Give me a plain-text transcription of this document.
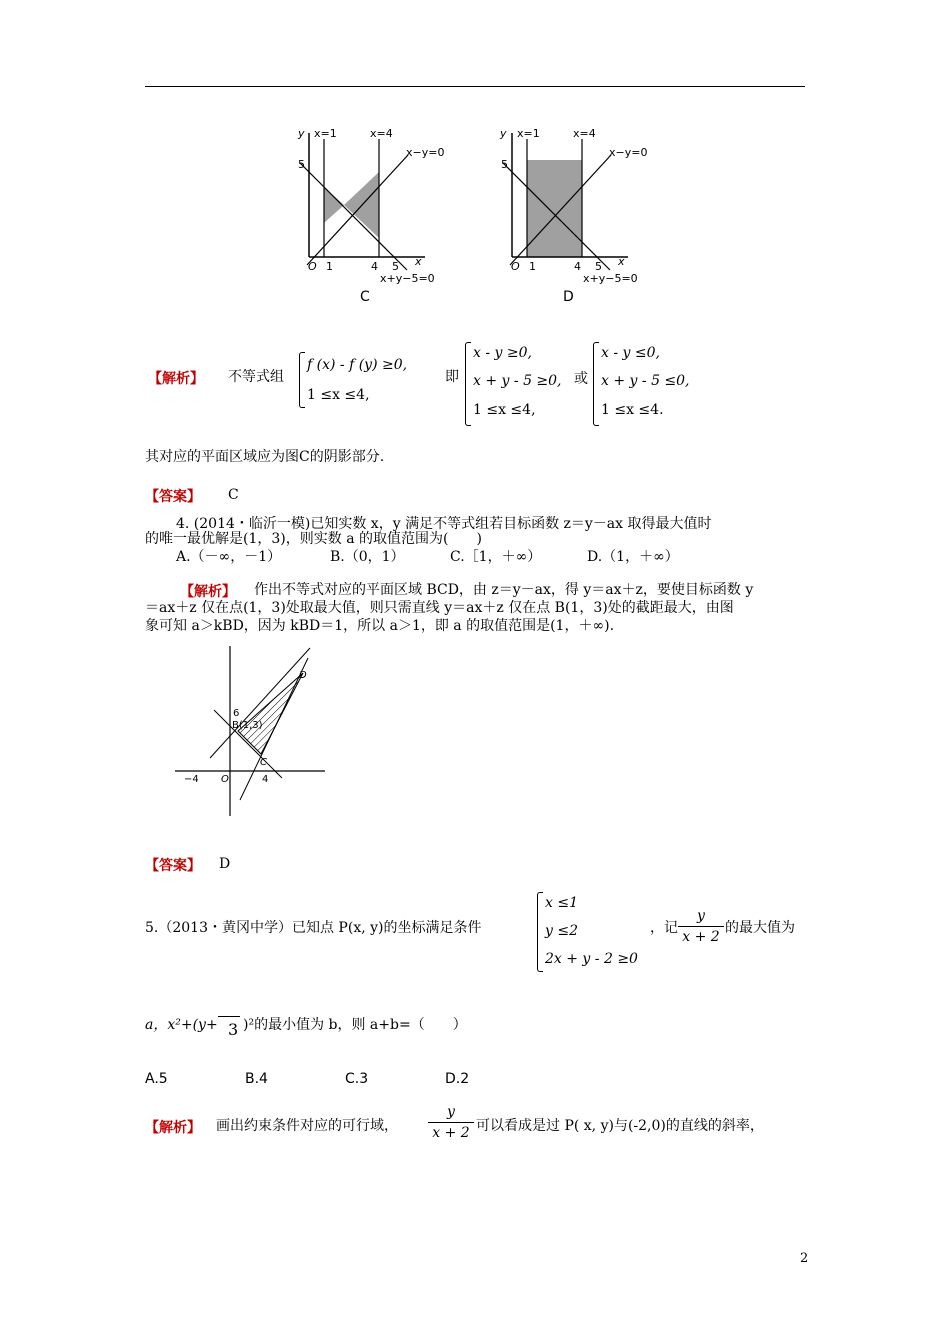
y
x
5
O 1	4 5
x=1	x=4
x−y=0
x+y−5=0
C
y
x
5
O 1	4 5
x=1	x=4
x−y=0
x+y−5=0
D
【解析】 不等式组
f (x) - f (y) ≥0,
1 ≤x ≤4,
即
x - y ≥0,
x + y - 5 ≥0,
1 ≤x ≤4,
或
x - y ≤0,
x + y - 5 ≤0,
1 ≤x ≤4.
其对应的平面区域应为图C的阴影部分.
【答案】 C
4. (2014・临沂一模)已知实数 x，y 满足不等式组若目标函数 z＝y－ax 取得最大值时
的唯一最优解是(1，3)，则实数 a 的取值范围为(　　)
A.（－∞，－1）	B.（0，1）	C.［1，＋∞）	D.（1，＋∞）
【解析】 作出不等式对应的平面区域 BCD，由 z＝y－ax，得 y＝ax＋z，要使目标函数 y
＝ax＋z 仅在点(1，3)处取最大值，则只需直线 y＝ax＋z 仅在点 B(1，3)处的截距最大，由图
象可知 a＞kBD，因为 kBD＝1，所以 a＞1，即 a 的取值范围是(1，＋∞).
D
B(1,3)
C
O
6
−4	4
【答案】 D
5.（2013・黄冈中学）已知点 P(x, y)的坐标满足条件
x ≤1
y ≤2
2x + y - 2 ≥0
，记
y
x + 2
的最大值为
a，x²+(y+ 3 )²的最小值为 b，则 a+b=（　　）
A.5	B.4	C.3	D.2
【解析】 画出约束条件对应的可行域，
y
x + 2 可以看成是过 P( x, y)与(-2,0)的直线的斜率，
2
